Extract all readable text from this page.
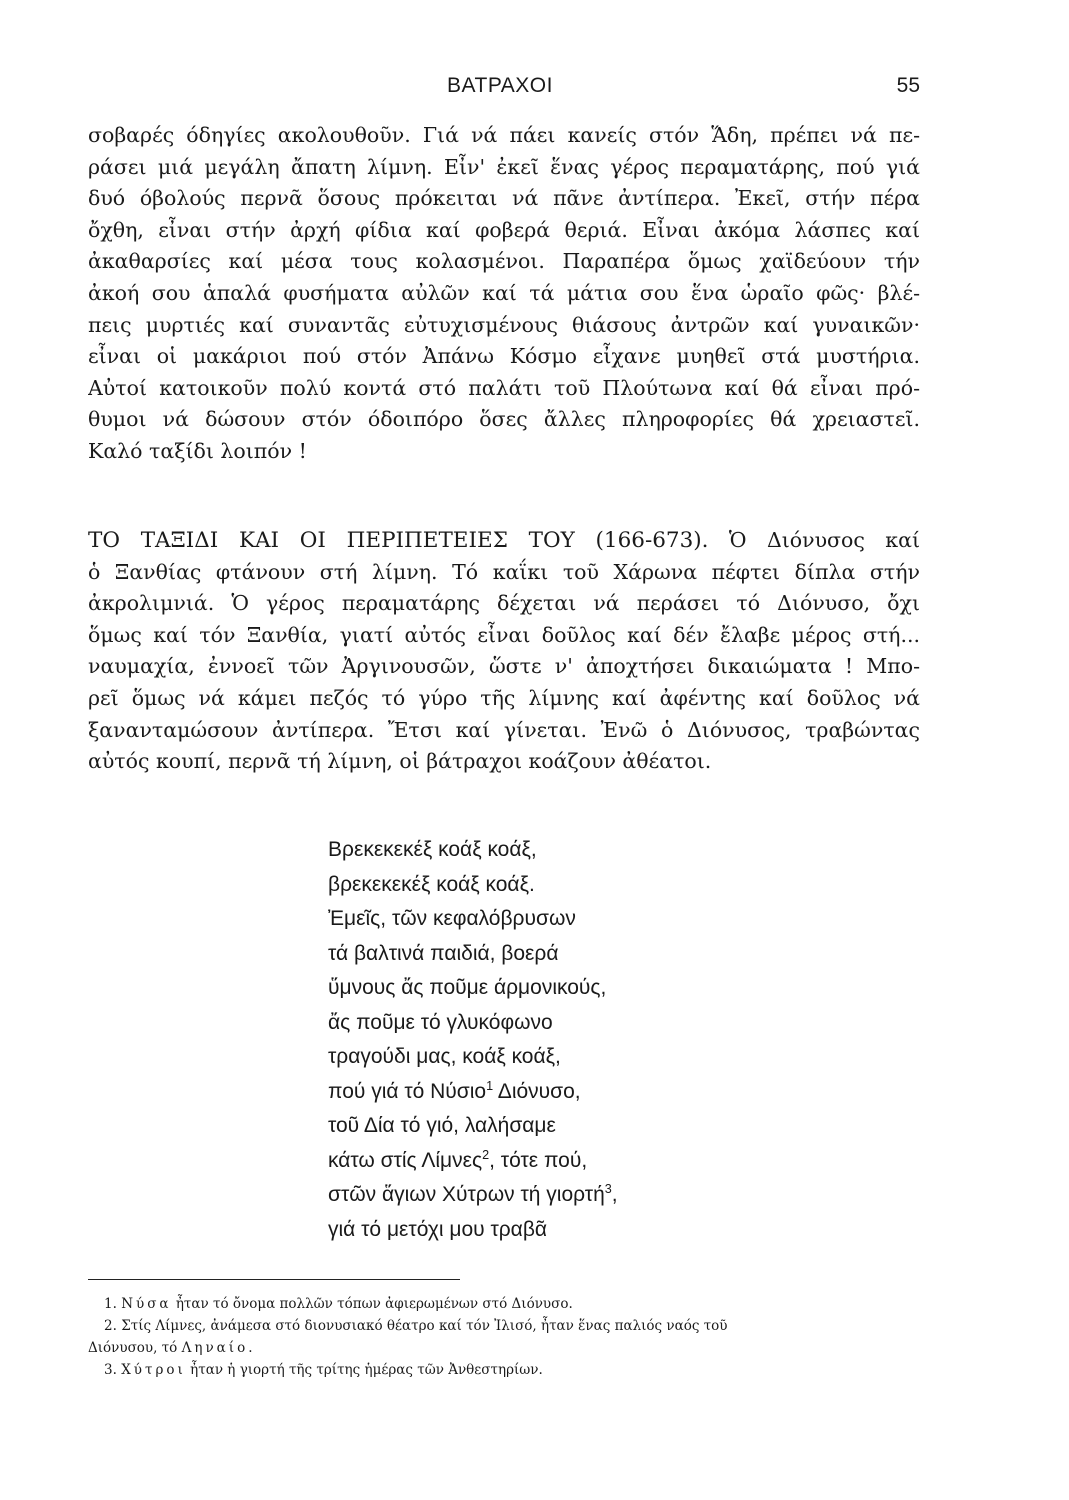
ΒΑΤΡΑΧΟΙ	55
σοβαρές όδηγίες ακολουθοῦν. Γιά νά πάει κανείς στόν Ἅδη, πρέπει νά πε-
ράσει μιά μεγάλη ἄπατη λίμνη. Εἶν' ἐκεῖ ἕνας γέρος περαματάρης, πού γιά
δυό όβολούς περνᾶ ὅσους πρόκειται νά πᾶνε ἀντίπερα. Ἐκεῖ, στήν πέρα
ὄχθη, εἶναι στήν ἀρχή φίδια καί φοβερά θεριά. Εἶναι ἀκόμα λάσπες καί
ἀκαθαρσίες καί μέσα τους κολασμένοι. Παραπέρα ὅμως χαϊδεύουν τήν
ἀκοή σου ἁπαλά φυσήματα αὐλῶν καί τά μάτια σου ἕνα ὡραῖο φῶς· βλέ-
πεις μυρτιές καί συναντᾶς εὐτυχισμένους θιάσους ἀντρῶν καί γυναικῶν·
εἶναι οἱ μακάριοι πού στόν Ἀπάνω Κόσμο εἶχανε μυηθεῖ στά μυστήρια.
Αὐτοί κατοικοῦν πολύ κοντά στό παλάτι τοῦ Πλούτωνα καί θά εἶναι πρό-
θυμοι νά δώσουν στόν όδοιπόρο ὅσες ἄλλες πληροφορίες θά χρειαστεῖ.
Καλό ταξίδι λοιπόν !
ΤΟ ΤΑΞΙΔΙ ΚΑΙ ΟΙ ΠΕΡΙΠΕΤΕΙΕΣ ΤΟΥ (166-673). Ὁ Διόνυσος καί
ὁ Ξανθίας φτάνουν στή λίμνη. Τό καΐκι τοῦ Χάρωνα πέφτει δίπλα στήν
ἀκρολιμνιά. Ὁ γέρος περαματάρης δέχεται νά περάσει τό Διόνυσο, ὄχι
ὅμως καί τόν Ξανθία, γιατί αὐτός εἶναι δοῦλος καί δέν ἔλαβε μέρος στή...
ναυμαχία, ἐννοεῖ τῶν Ἀργινουσῶν, ὥστε ν' ἀποχτήσει δικαιώματα ! Μπο-
ρεῖ ὅμως νά κάμει πεζός τό γύρο τῆς λίμνης καί ἀφέντης καί δοῦλος νά
ξανανταμώσουν ἀντίπερα. Ἔτσι καί γίνεται. Ἐνῶ ὁ Διόνυσος, τραβώντας
αὐτός κουπί, περνᾶ τή λίμνη, οἱ βάτραχοι κοάζουν ἀθέατοι.
Βρεκεκεκέξ κοάξ κοάξ,
βρεκεκεκέξ κοάξ κοάξ.
Ἐμεῖς, τῶν κεφαλόβρυσων
τά βαλτινά παιδιά, βοερά
ὕμνους ἄς ποῦμε άρμονικούς,
ἄς ποῦμε τό γλυκόφωνο
τραγούδι μας, κοάξ κοάξ,
πού γιά τό Νύσιο$^1$ Διόνυσο,
τοῦ Δία τό γιό, λαλήσαμε
κάτω στίς Λίμνες$^2$, τότε πού,
στῶν ἅγιων Χύτρων τή γιορτή$^3$,
γιά τό μετόχι μου τραβᾶ
1. Νύσα ἦταν τό ὄνομα πολλῶν τόπων ἀφιερωμένων στό Διόνυσο.
2. Στίς Λίμνες, ἀνάμεσα στό διονυσιακό θέατρο καί τόν Ἰλισό, ἦταν ἕνας παλιός ναός τοῦ
Διόνυσου, τό Ληναίο.
3. Χύτροι ἦταν ἡ γιορτή τῆς τρίτης ἡμέρας τῶν Ἀνθεστηρίων.
